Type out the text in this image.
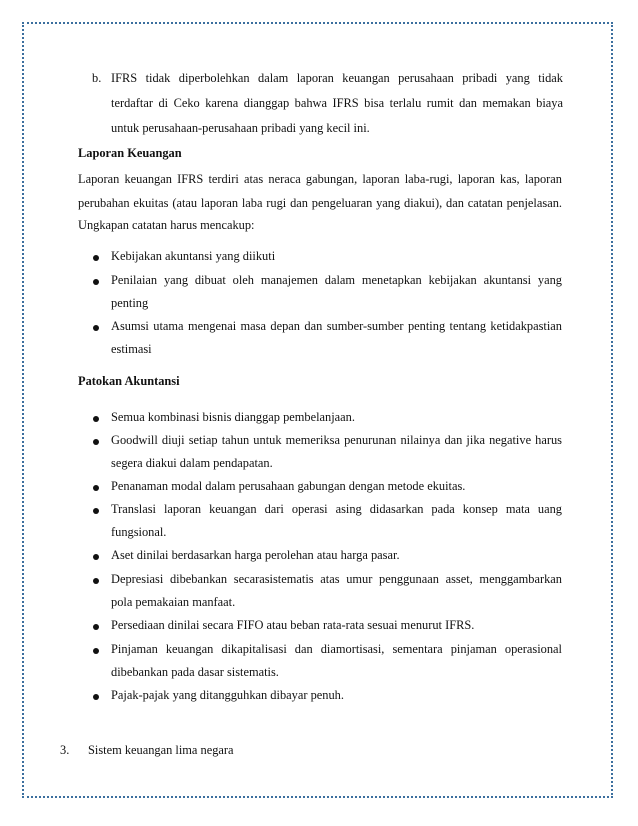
b. IFRS tidak diperbolehkan dalam laporan keuangan perusahaan pribadi yang tidak
terdaftar di Ceko karena dianggap bahwa IFRS bisa terlalu rumit dan memakan biaya
untuk perusahaan-perusahaan pribadi yang kecil ini.
Laporan Keuangan
Laporan keuangan IFRS terdiri atas neraca gabungan, laporan laba-rugi, laporan kas, laporan
perubahan ekuitas (atau laporan laba rugi dan pengeluaran yang diakui), dan catatan penjelasan.
Ungkapan catatan harus mencakup:
Kebijakan akuntansi yang diikuti
Penilaian yang dibuat oleh manajemen dalam menetapkan kebijakan akuntansi yang
penting
Asumsi utama mengenai masa depan dan sumber-sumber penting tentang ketidakpastian
estimasi
Patokan Akuntansi
Semua kombinasi bisnis dianggap pembelanjaan.
Goodwill diuji setiap tahun untuk memeriksa penurunan nilainya dan jika negative harus
segera diakui dalam pendapatan.
Penanaman modal dalam perusahaan gabungan dengan metode ekuitas.
Translasi laporan keuangan dari operasi asing didasarkan pada konsep mata uang
fungsional.
Aset dinilai berdasarkan harga perolehan atau harga pasar.
Depresiasi dibebankan secarasistematis atas umur penggunaan asset, menggambarkan
pola pemakaian manfaat.
Persediaan dinilai secara FIFO atau beban rata-rata sesuai menurut IFRS.
Pinjaman keuangan dikapitalisasi dan diamortisasi, sementara pinjaman operasional
dibebankan pada dasar sistematis.
Pajak-pajak yang ditangguhkan dibayar penuh.
3. Sistem keuangan lima negara
